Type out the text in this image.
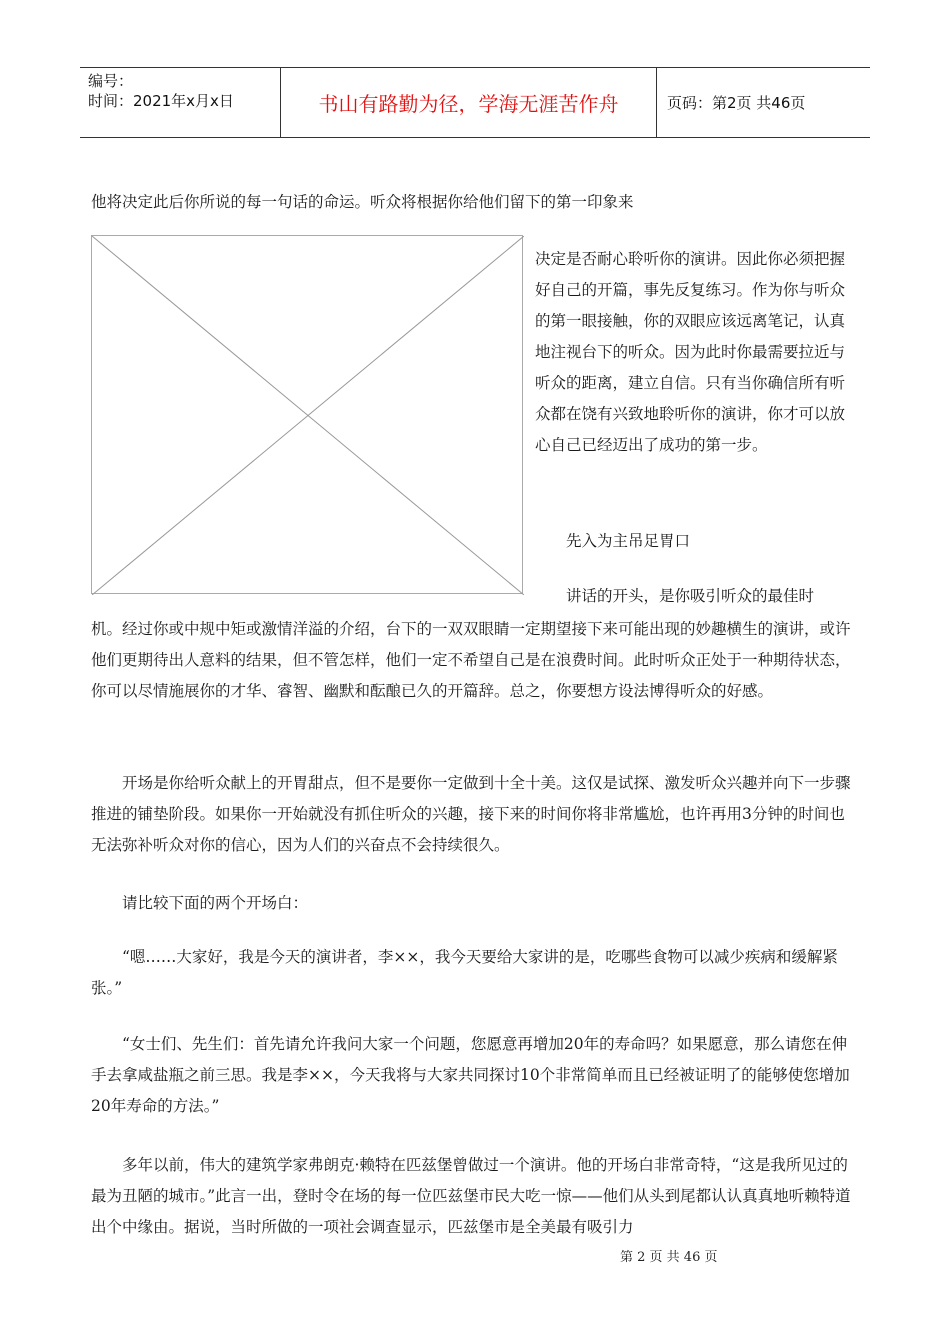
编号：
时间：2021年x月x日	书山有路勤为径，学海无涯苦作舟	页码：第2页 共46页

他将决定此后你所说的每一句话的命运。听众将根据你给他们留下的第一印象来

决定是否耐心聆听你的演讲。因此你必须把握好自己的开篇，事先反复练习。作为你与听众的第一眼接触，你的双眼应该远离笔记，认真地注视台下的听众。因为此时你最需要拉近与听众的距离，建立自信。只有当你确信所有听众都在饶有兴致地聆听你的演讲，你才可以放心自己已经迈出了成功的第一步。

先入为主吊足胃口

讲话的开头，是你吸引听众的最佳时

机。经过你或中规中矩或激情洋溢的介绍，台下的一双双眼睛一定期望接下来可能出现的妙趣横生的演讲，或许他们更期待出人意料的结果，但不管怎样，他们一定不希望自己是在浪费时间。此时听众正处于一种期待状态，你可以尽情施展你的才华、睿智、幽默和酝酿已久的开篇辞。总之，你要想方设法博得听众的好感。

开场是你给听众献上的开胃甜点，但不是要你一定做到十全十美。这仅是试探、激发听众兴趣并向下一步骤推进的铺垫阶段。如果你一开始就没有抓住听众的兴趣，接下来的时间你将非常尴尬，也许再用3分钟的时间也无法弥补听众对你的信心，因为人们的兴奋点不会持续很久。

请比较下面的两个开场白：

“嗯……大家好，我是今天的演讲者，李××，我今天要给大家讲的是，吃哪些食物可以减少疾病和缓解紧张。”

“女士们、先生们：首先请允许我问大家一个问题，您愿意再增加20年的寿命吗？如果愿意，那么请您在伸手去拿咸盐瓶之前三思。我是李××，今天我将与大家共同探讨10个非常简单而且已经被证明了的能够使您增加20年寿命的方法。”

多年以前，伟大的建筑学家弗朗克·赖特在匹兹堡曾做过一个演讲。他的开场白非常奇特，“这是我所见过的最为丑陋的城市。”此言一出，登时令在场的每一位匹兹堡市民大吃一惊——他们从头到尾都认认真真地听赖特道出个中缘由。据说，当时所做的一项社会调查显示，匹兹堡市是全美最有吸引力

第 2 页 共 46 页
